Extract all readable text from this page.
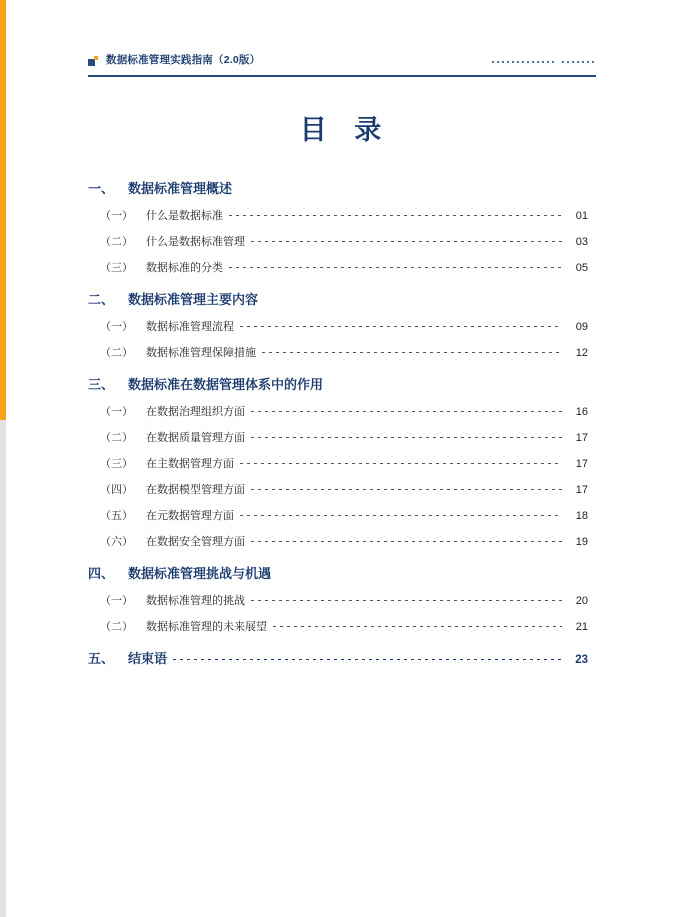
数据标准管理实践指南（2.0版）
目 录
一、	数据标准管理概述
（一）	什么是数据标准	01
（二）	什么是数据标准管理	03
（三）	数据标准的分类	05
二、	数据标准管理主要内容
（一）	数据标准管理流程	09
（二）	数据标准管理保障措施	12
三、	数据标准在数据管理体系中的作用
（一）	在数据治理组织方面	16
（二）	在数据质量管理方面	17
（三）	在主数据管理方面	17
（四）	在数据模型管理方面	17
（五）	在元数据管理方面	18
（六）	在数据安全管理方面	19
四、	数据标准管理挑战与机遇
（一）	数据标准管理的挑战	20
（二）	数据标准管理的未来展望	21
五、	结束语	23
